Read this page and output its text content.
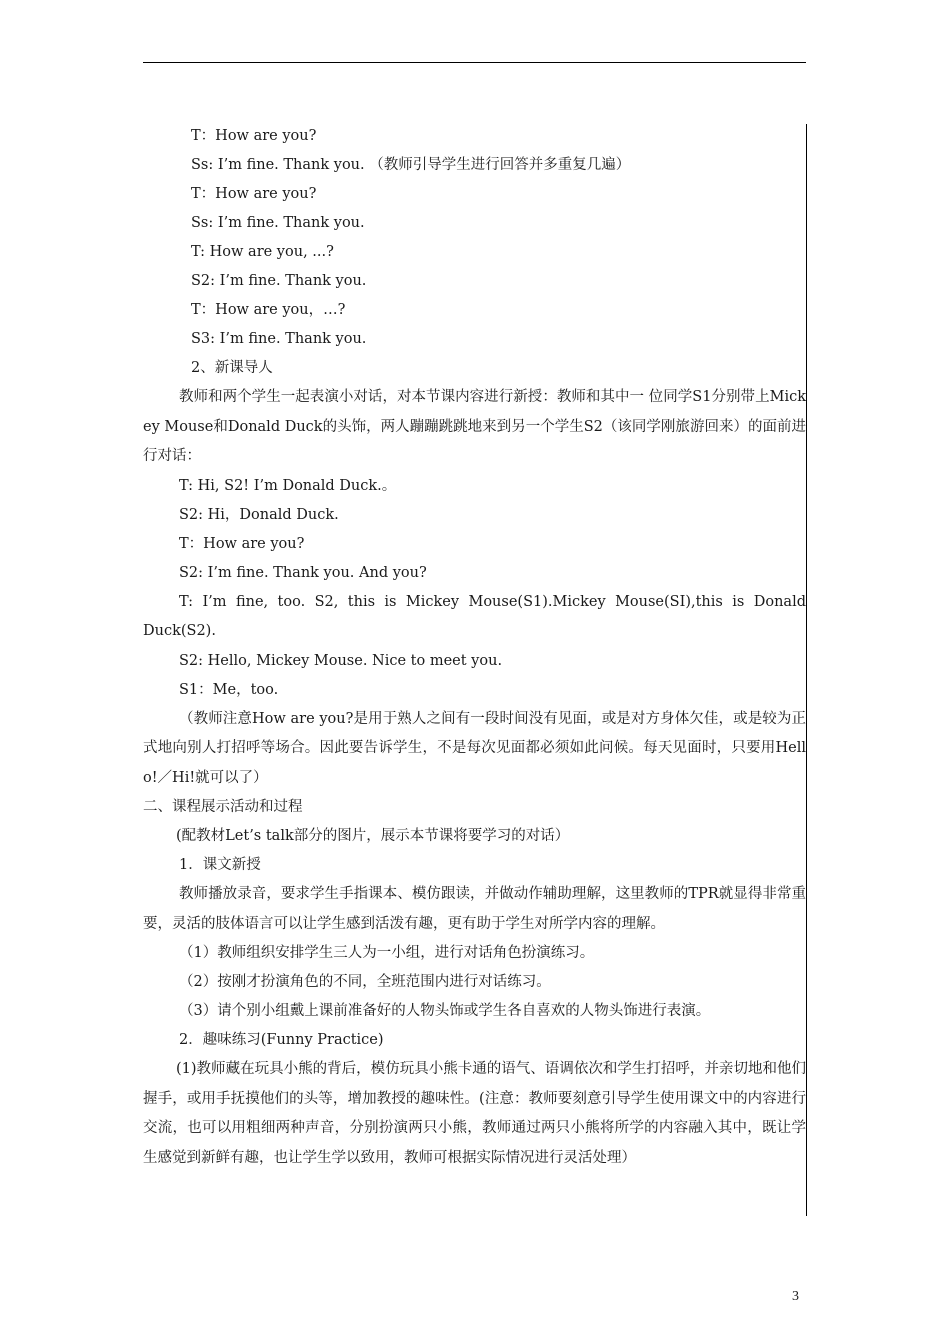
T：How are you?
Ss: I’m fine. Thank you. （教师引导学生进行回答并多重复几遍）
T：How are you?
Ss: I’m fine. Thank you.
T: How are you, ...?
S2: I’m fine. Thank you.
T：How are you，…?
S3: I’m fine. Thank you.
2、新课导人
教师和两个学生一起表演小对话，对本节课内容进行新授：教师和其中一 位同学S1分别带上Mickey Mouse和Donald Duck的头饰，两人蹦蹦跳跳地来到另一个学生S2（该同学刚旅游回来）的面前进行对话：
T: Hi, S2! I’m Donald Duck.。
S2: Hi，Donald Duck.
T：How are you?
S2: I’m fine. Thank you. And you?
T: I’m fine, too. S2, this is Mickey Mouse(S1).Mickey Mouse(SI),this is Donald Duck(S2).
S2: Hello, Mickey Mouse. Nice to meet you.
S1：Me，too.
（教师注意How are you?是用于熟人之间有一段时间没有见面，或是对方身体欠佳，或是较为正式地向别人打招呼等场合。因此要告诉学生，不是每次见面都必须如此问候。每天见面时，只要用Hello!／Hi!就可以了）
二、课程展示活动和过程
(配教材Let’s talk部分的图片，展示本节课将要学习的对话）
1．课文新授
教师播放录音，要求学生手指课本、模仿跟读，并做动作辅助理解，这里教师的TPR就显得非常重要，灵活的肢体语言可以让学生感到活泼有趣，更有助于学生对所学内容的理解。
（1）教师组织安排学生三人为一小组，进行对话角色扮演练习。
（2）按刚才扮演角色的不同，全班范围内进行对话练习。
（3）请个别小组戴上课前准备好的人物头饰或学生各自喜欢的人物头饰进行表演。
2．趣味练习(Funny Practice)
(1)教师藏在玩具小熊的背后，模仿玩具小熊卡通的语气、语调依次和学生打招呼，并亲切地和他们握手，或用手抚摸他们的头等，增加教授的趣味性。(注意：教师要刻意引导学生使用课文中的内容进行交流，也可以用粗细两种声音，分别扮演两只小熊，教师通过两只小熊将所学的内容融入其中，既让学生感觉到新鲜有趣，也让学生学以致用，教师可根据实际情况进行灵活处理）
3
